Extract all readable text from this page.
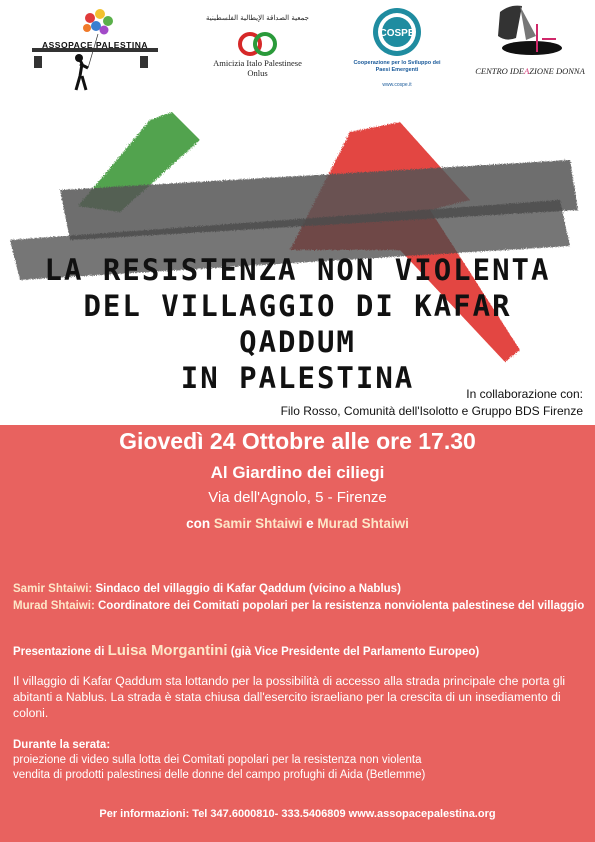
ASSOPACE PALESTINA
جمعية الصداقة الإيطالية الفلسطينية
Amicizia Italo Palestinese Onlus
COSPE
Cooperazione per lo Sviluppo dei Paesi Emergenti
www.cospe.it
CENTRO IDEAZIONE DONNA
LA RESISTENZA NON VIOLENTA
DEL VILLAGGIO DI KAFAR QADDUM
IN PALESTINA	In collaborazione con:
Filo Rosso, Comunità dell'Isolotto e Gruppo BDS Firenze
Giovedì 24 Ottobre alle ore 17.30
Al Giardino dei ciliegi
Via dell'Agnolo, 5 - Firenze
con Samir Shtaiwi e Murad Shtaiwi
Samir Shtaiwi: Sindaco del villaggio di Kafar Qaddum (vicino a Nablus)
Murad Shtaiwi: Coordinatore dei Comitati popolari per la resistenza nonviolenta palestinese del villaggio
Presentazione di Luisa Morgantini (già Vice Presidente del Parlamento Europeo)
Il villaggio di Kafar Qaddum sta lottando per la possibilità di accesso alla strada principale che porta gli abitanti a Nablus. La strada è stata chiusa dall'esercito israeliano per la crescita di un insediamento di coloni.
Durante la serata:
proiezione di video sulla lotta dei Comitati popolari per la resistenza non violenta
vendita di prodotti palestinesi delle donne del campo profughi di Aida (Betlemme)
Per informazioni: Tel 347.6000810- 333.5406809 www.assopacepalestina.org
